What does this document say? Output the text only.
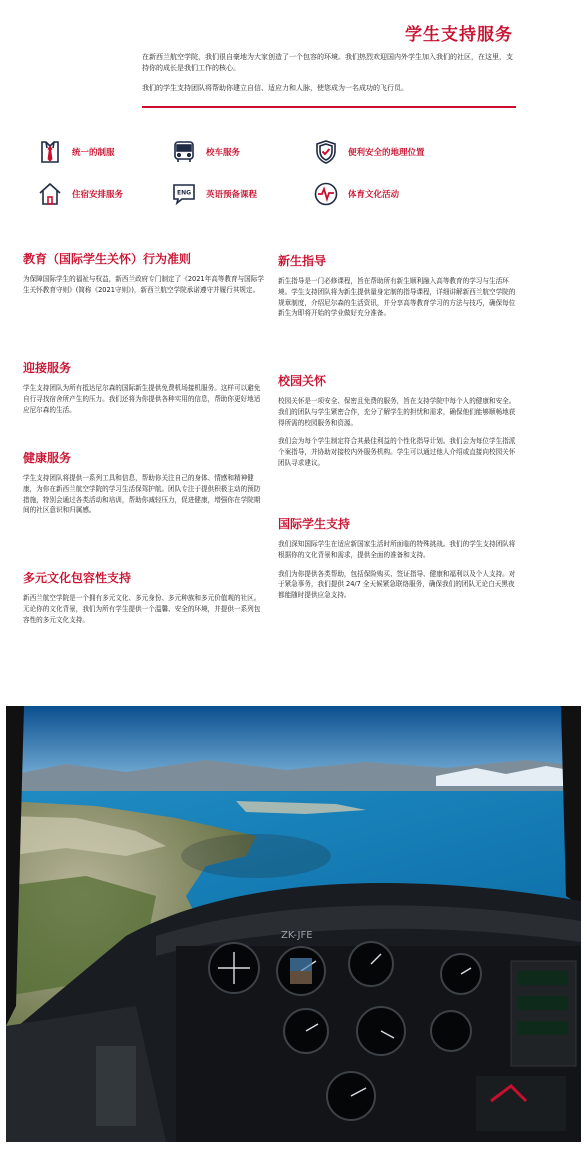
学生支持服务

在新西兰航空学院，我们很自豪地为大家创造了一个包容的环境。我们热烈欢迎国内外学生加入我们的社区，在这里，支持你的成长是我们工作的核心。

我们的学生支持团队将帮助你建立自信、适应力和人脉，使您成为一名成功的飞行员。

统一的制服	校车服务	便利安全的地理位置
住宿安排服务	ENG 英语预备课程	体育文化活动
教育（国际学生关怀）行为准则

为保障国际学生的福祉与权益，新西兰政府专门制定了《2021年高等教育与国际学生关怀教育守则》(简称《2021守则》)，新西兰航空学院承诺遵守并履行其规定。

迎接服务

学生支持团队为所有抵达尼尔森的国际新生提供免费机场接机服务。这样可以避免自行寻找宿舍所产生的压力。我们还将为你提供各种实用的信息，帮助你更好地适应尼尔森的生活。

健康服务

学生支持团队将提供一系列工具和信息，帮助你关注自己的身体、情感和精神健康，为你在新西兰航空学院的学习生活保驾护航。团队专注于提供积极主动的预防措施，特别会通过各类活动和培训，帮助你减轻压力，促进健康，增强你在学院期间的社区意识和归属感。

多元文化包容性支持

新西兰航空学院是一个拥有多元文化、多元身份、多元种族和多元价值观的社区。无论你的文化背景，我们为所有学生提供一个温馨、安全的环境，并提供一系列包容性的多元文化支持。

新生指导

新生指导是一门必修课程，旨在帮助所有新生顺利融入高等教育的学习与生活环境。学生支持团队将为新生提供量身定制的指导课程，详细讲解新西兰航空学院的规章制度，介绍尼尔森的生活资讯，并分享高等教育学习的方法与技巧，确保每位新生为即将开始的学业做好充分准备。

校园关怀

校园关怀是一项安全、保密且免费的服务，旨在支持学院中每个人的健康和安全。我们的团队与学生紧密合作，充分了解学生的担忧和需求，确保他们能够顺畅地获得所需的校园服务和资源。

我们会为每个学生制定符合其最佳利益的个性化指导计划。我们会为每位学生指派个案指导，并协助对接校内外服务机构。学生可以通过他人介绍或直接向校园关怀团队寻求建议。

国际学生支持

我们深知国际学生在适应新国家生活时所面临的特殊挑战。我们的学生支持团队将根据你的文化背景和需求，提供全面的准备和支持。

我们为你提供各类帮助，包括保险购买、签证指导、健康和福利以及个人支持。对于紧急事务，我们提供 24/7 全天候紧急联络服务，确保我们的团队无论白天黑夜都能随时提供应急支持。

ZK-JFE
